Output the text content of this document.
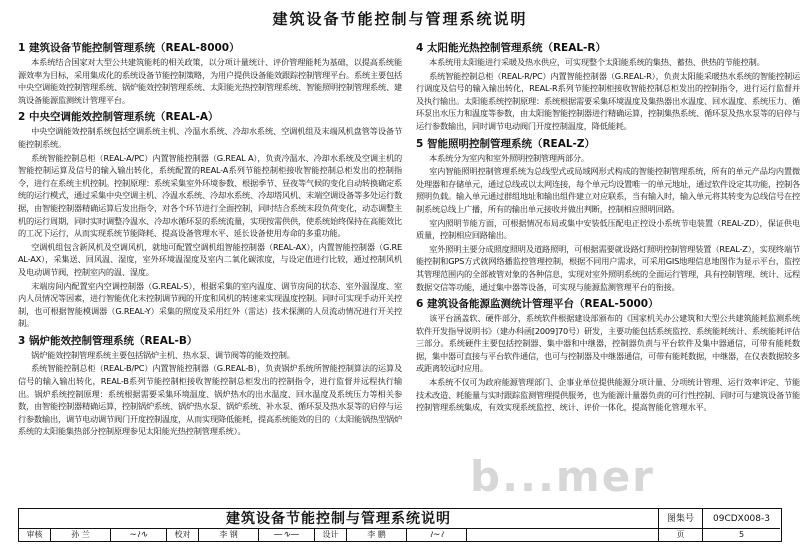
建筑设备节能控制与管理系统说明
1 建筑设备节能控制管理系统（REAL-8000）

本系统结合国家对大型公共建筑能耗的相关政策，以分项计量统计、评价管理能耗为基础，以提高系统能源效率为目标，采用集成化的系统设备节能控制策略，为用户提供设备能效跟踪控制管理平台。系统主要包括中央空调能效控制管理系统、锅炉能效控制管理系统、太阳能光热控制管理系统、智能照明控制管理系统、建筑设备能源监测统计管理平台。

2 中央空调能效控制管理系统（REAL-A）

中央空调能效控制系统包括空调系统主机、冷温水系统、冷却水系统、空调机组及末端风机盘管等设备节能控制系统。

系统智能控制总柜（REAL-A/PC）内置智能控制器（G.REAL A），负责冷温水、冷却水系统及空调主机的智能控制运算及信号的输入输出转化，系统配置的REAL-A系列节能控制柜接收智能控制总柜发出的控制指令，进行在系统主机控制。控制原理：系统采集室外环境参数、根据季节、昼夜等气候的变化自动转换确定系统的运行模式，通过采集中央空调主机、冷温水系统、冷却水系统、冷却塔风机、末端空调设备等多处运行数据，由智能控制器精确运算后发出指令，对各个环节进行全面控制，同时结合系统末段负荷变化，动态调整主机的运行周期，同时实时调整冷温水、冷却水循环泵的系统流量，实现按需供供，使系统始终保持在高能效比的工况下运行，从而实现系统节能降耗、提高设备管理水平、延长设备使用寿命的多重功能。

空调机组包含新风机及空调风机，就地可配置空调机组智能控制器（REAL-AX），内置智能控制器（G.REAL-AX），采集送、回风温、湿度，室外环境温湿度及室内二氧化碳浓度，与设定值进行比较，通过控制风机及电动调节阀，控制室内的温、湿度。

末端房间内配置室内空调控制器（G.REAL-S），根据采集的室内温度、调节房间的状态、室外温湿度、室内人员情况等因素，进行智能优化末控制调节阀的开度和风机的转速来实现温度控制。同时可实现手动开关控制，也可根据智能模调器（G.REAL-Y）采集的照度及采用红外（雷达）技术探测的人员流动情况进行开关控制。

3 锅炉能效控制管理系统（REAL-B）

锅炉能效控制管理系统主要包括锅炉主机、热水泵、调节阀等的能效控制。

系统智能控制总柜（REAL-B/PC）内置智能控制器（G.REAL-B），负责锅炉系统所智能控制算法的运算及信号的输入输出转化，REAL-B系列节能控制柜接收智能控制总柜发出的控制指令，进行监督并远程执行输出。锅炉系统控制原理：系统根据需要采集环境温度、锅炉热水的出水温度、回水温度及系统压力等相关参数，由智能控制器精确运算，控制锅炉系统、锅炉热水泵、锅炉系统、补水泵、循环泵及热水泵等的启停与运行参数输出，调节电动调节阀门开度控制温度，从而实现降低能耗，提高系统能效的目的（太阳能锅热型锅炉系统的太阳能集热部分控制原理参见太阳能光热控制管理系统）。

4 太阳能光热控制管理系统（REAL-R）

本系统用太阳能进行采暖及热水供应，可实现整个太阳能系统的集热、蓄热、供热的节能控制。

系统智能控制总柜（REAL-R/PC）内置智能控制器（G.REAL-R），负责太阳能采暖热水系统的智能控制运行调度及信号的输入输出转化，REAL-R系列节能控制柜接收智能控制总柜发出的控制指令，进行运行监督并及执行输出。太阳能系统控制原理：系统根据需要采集环境温度及集热器出水温度、回水温度、系统压力、循环泵出水压力和温度等参数，由太阳能智能控制器进行精确运算，控制集热系统、循环泵及热水泵等的启停与运行参数输出，同时调节电动阀门开度控制温度，降低能耗。

5 智能照明控制管理系统（REAL-Z）

本系统分为室内和室外照明控制管理两部分。

室内智能照明控制管理系统为总线型式或局域网形式构成的智能控制管理系统，所有的单元产品均内置微处理器和存储单元，通过总线或以太网连接，每个单元均设置唯一的单元地址，通过软件设定其功能，控制各照明负载。输入单元通过群组地址和输出组件建立对应联系，当有输入时，输入单元将其转变为总线信号在控制系统总线上广播，所有的输出单元接收并做出判断，控制相应照明回路。

室内照明节能方面，可根据情况布局或集中安装低压配电正控设小系统节电装置（REAL-ZD），保证供电质量，控制相应回路输出。

室外照明主要分成照度照明及道路照明，可根据需要就设路灯照明控制管理装置（REAL-Z），实现终端节能控制和GPS方式就网络播监控管理控制，根据不同用户需求，可采用GIS地理信息地图作为显示平台，监控其管理范围内的全部被管对象的各种信息，实现对室外照明系统的全面运行管理，具有控制管理、统计、远程数据交信等功能，通过集中器等设备，可实现与能源监测管理平台的衔接。

6 建筑设备能源监测统计管理平台（REAL-5000）

该平台涵盖软、硬件部分，系统软件根据建设部颁布的《国家机关办公建筑和大型公共建筑能耗监测系统软件开发指导说明书》（建办科函[2009]70号）研发，主要功能包括系统监控、系统能耗统计、系统能耗评估三部分。系统硬件主要包括控制器、集中器和中继器，控制器负责与平台软件及集中器通信，可带有能耗数据，集中器可直接与平台软件通信，也可与控制器及中继器通信，可带有能耗数据，中继器，在仪表数据较多或距离较远时应用。

本系统不仅可为政府能源管理部门、企事业单位提供能源分项计量、分项统计管理、运行效率评定、节能技术改造、耗能量与实时跟踪监测管理提供服务，也为能源计量器负责的可行性控制、同时可与建筑设备节能控制管理系统集成，有效实现系统监控、统计、评价一体化，提高智能化管理水平。

b...mer
建筑设备节能控制与管理系统说明	图集号	09CDX008-3
审核	孙 兰	∼≀∿	校对	李 钢	—∿—	设计	李 鹏	≀∼≀	页	5
